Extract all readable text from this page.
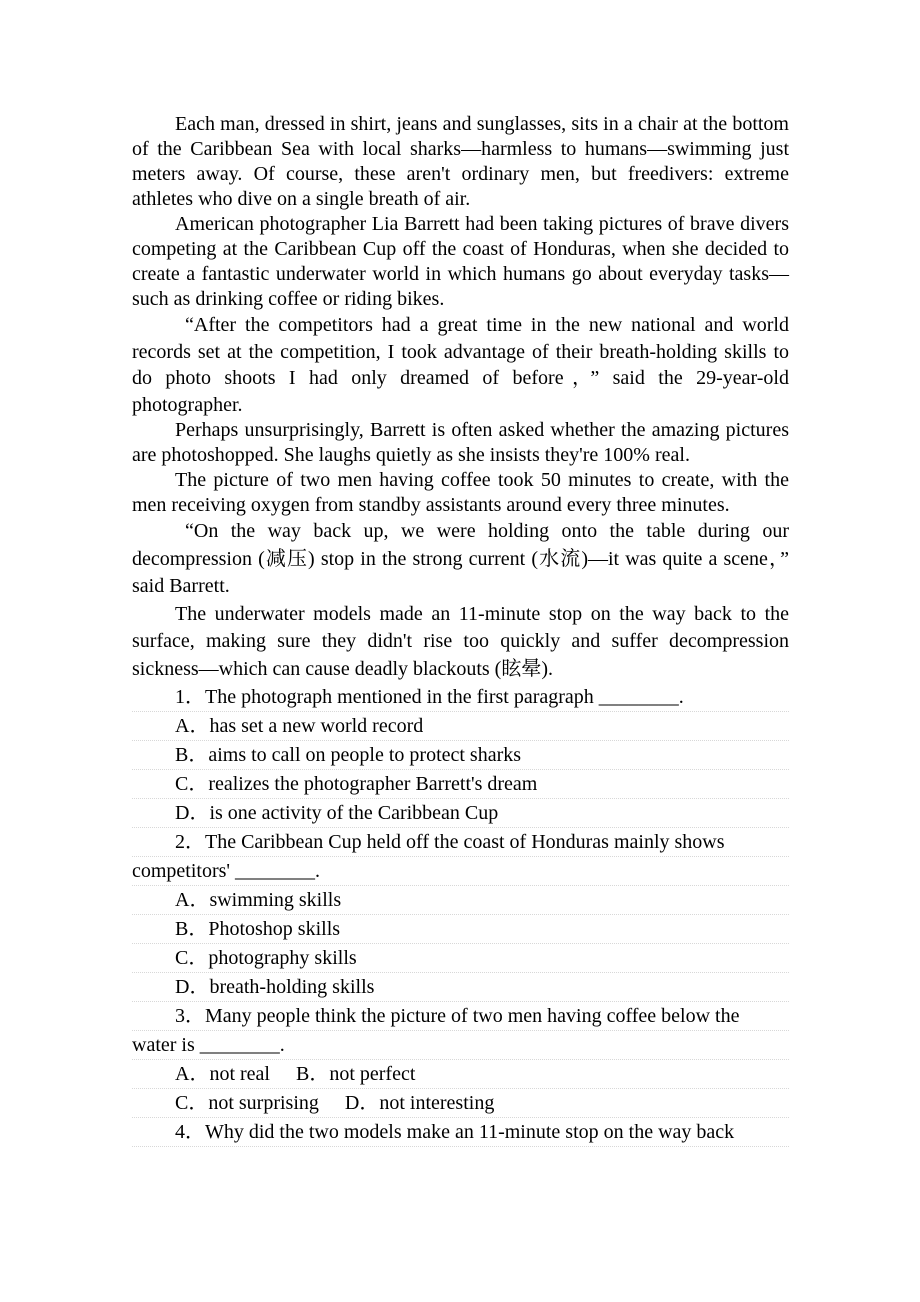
Each man, dressed in shirt, jeans and sunglasses, sits in a chair at the bottom of the Caribbean Sea with local sharks—harmless to humans—swimming just meters away. Of course, these aren't ordinary men, but freedivers: extreme athletes who dive on a single breath of air.

American photographer Lia Barrett had been taking pictures of brave divers competing at the Caribbean Cup off the coast of Honduras, when she decided to create a fantastic underwater world in which humans go about everyday tasks—such as drinking coffee or riding bikes.

“After the competitors had a great time in the new national and world records set at the competition, I took advantage of their breath-holding skills to do photo shoots I had only dreamed of before，” said the 29-year-old photographer.

Perhaps unsurprisingly, Barrett is often asked whether the amazing pictures are photoshopped. She laughs quietly as she insists they're 100% real.

The picture of two men having coffee took 50 minutes to create, with the men receiving oxygen from standby assistants around every three minutes.

“On the way back up, we were holding onto the table during our decompression (减压) stop in the strong current (水流)—it was quite a scene，” said Barrett.

The underwater models made an 11-minute stop on the way back to the surface, making sure they didn't rise too quickly and suffer decompression sickness—which can cause deadly blackouts (眩晕).

1．The photograph mentioned in the first paragraph ________.

A．has set a new world record

B．aims to call on people to protect sharks

C．realizes the photographer Barrett's dream

D．is one activity of the Caribbean Cup

2．The Caribbean Cup held off the coast of Honduras mainly shows

competitors' ________.

A．swimming skills

B．Photoshop skills

C．photography skills

D．breath-holding skills

3．Many people think the picture of two men having coffee below the

water is ________.

A．not real B．not perfect

C．not surprising D．not interesting

4．Why did the two models make an 11-minute stop on the way back
